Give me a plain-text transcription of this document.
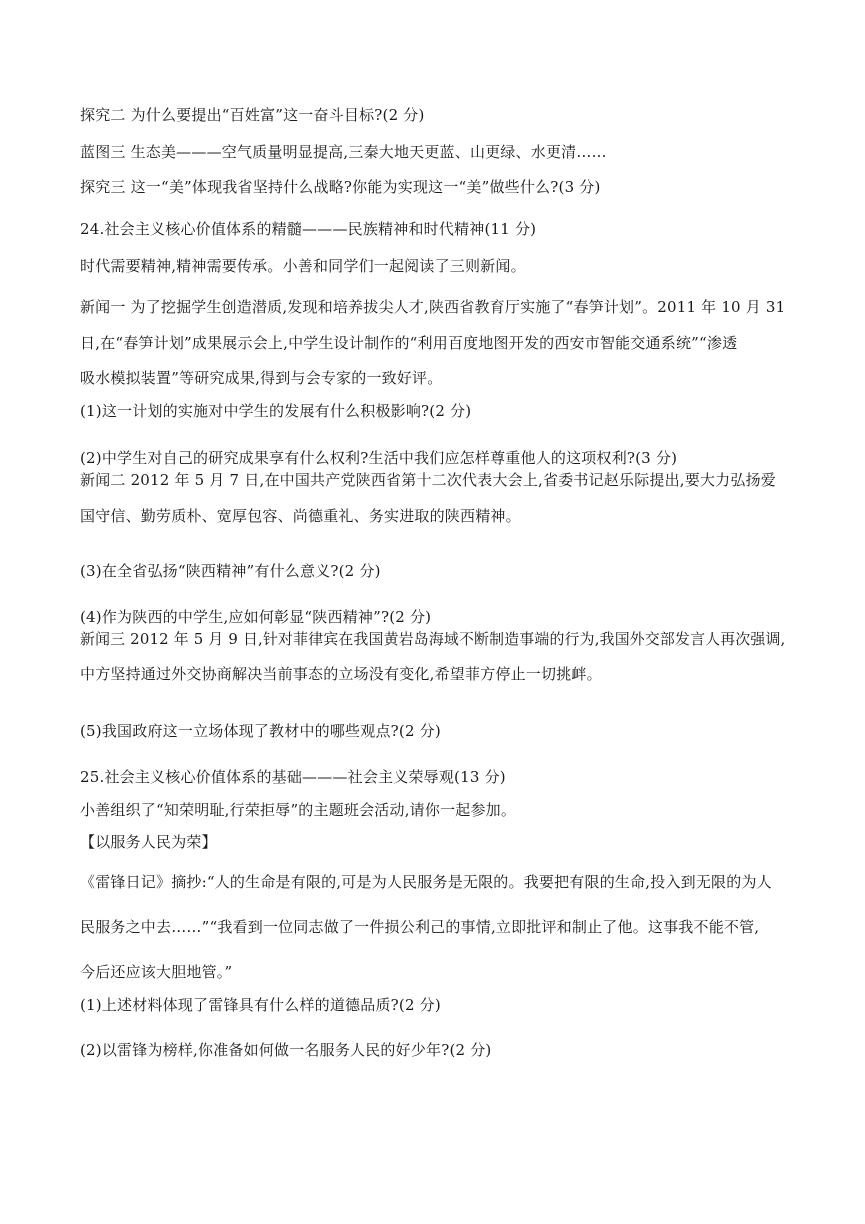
探究二 为什么要提出“百姓富”这一奋斗目标?(2 分)

蓝图三 生态美———空气质量明显提高,三秦大地天更蓝、山更绿、水更清……

探究三 这一“美”体现我省坚持什么战略?你能为实现这一“美”做些什么?(3 分)

24.社会主义核心价值体系的精髓———民族精神和时代精神(11 分)

时代需要精神,精神需要传承。小善和同学们一起阅读了三则新闻。

新闻一 为了挖掘学生创造潜质,发现和培养拔尖人才,陕西省教育厅实施了“春笋计划”。2011 年 10 月 31

日,在“春笋计划”成果展示会上,中学生设计制作的“利用百度地图开发的西安市智能交通系统”“渗透

吸水模拟装置”等研究成果,得到与会专家的一致好评。

(1)这一计划的实施对中学生的发展有什么积极影响?(2 分)

(2)中学生对自己的研究成果享有什么权利?生活中我们应怎样尊重他人的这项权利?(3 分)

新闻二 2012 年 5 月 7 日,在中国共产党陕西省第十二次代表大会上,省委书记赵乐际提出,要大力弘扬爱

国守信、勤劳质朴、宽厚包容、尚德重礼、务实进取的陕西精神。

(3)在全省弘扬“陕西精神”有什么意义?(2 分)

(4)作为陕西的中学生,应如何彰显“陕西精神”?(2 分)

新闻三 2012 年 5 月 9 日,针对菲律宾在我国黄岩岛海域不断制造事端的行为,我国外交部发言人再次强调,

中方坚持通过外交协商解决当前事态的立场没有变化,希望菲方停止一切挑衅。

(5)我国政府这一立场体现了教材中的哪些观点?(2 分)

25.社会主义核心价值体系的基础———社会主义荣辱观(13 分)

小善组织了“知荣明耻,行荣拒辱”的主题班会活动,请你一起参加。

【以服务人民为荣】

《雷锋日记》摘抄:“人的生命是有限的,可是为人民服务是无限的。我要把有限的生命,投入到无限的为人

民服务之中去……”“我看到一位同志做了一件损公利己的事情,立即批评和制止了他。这事我不能不管,

今后还应该大胆地管。”

(1)上述材料体现了雷锋具有什么样的道德品质?(2 分)

(2)以雷锋为榜样,你准备如何做一名服务人民的好少年?(2 分)
